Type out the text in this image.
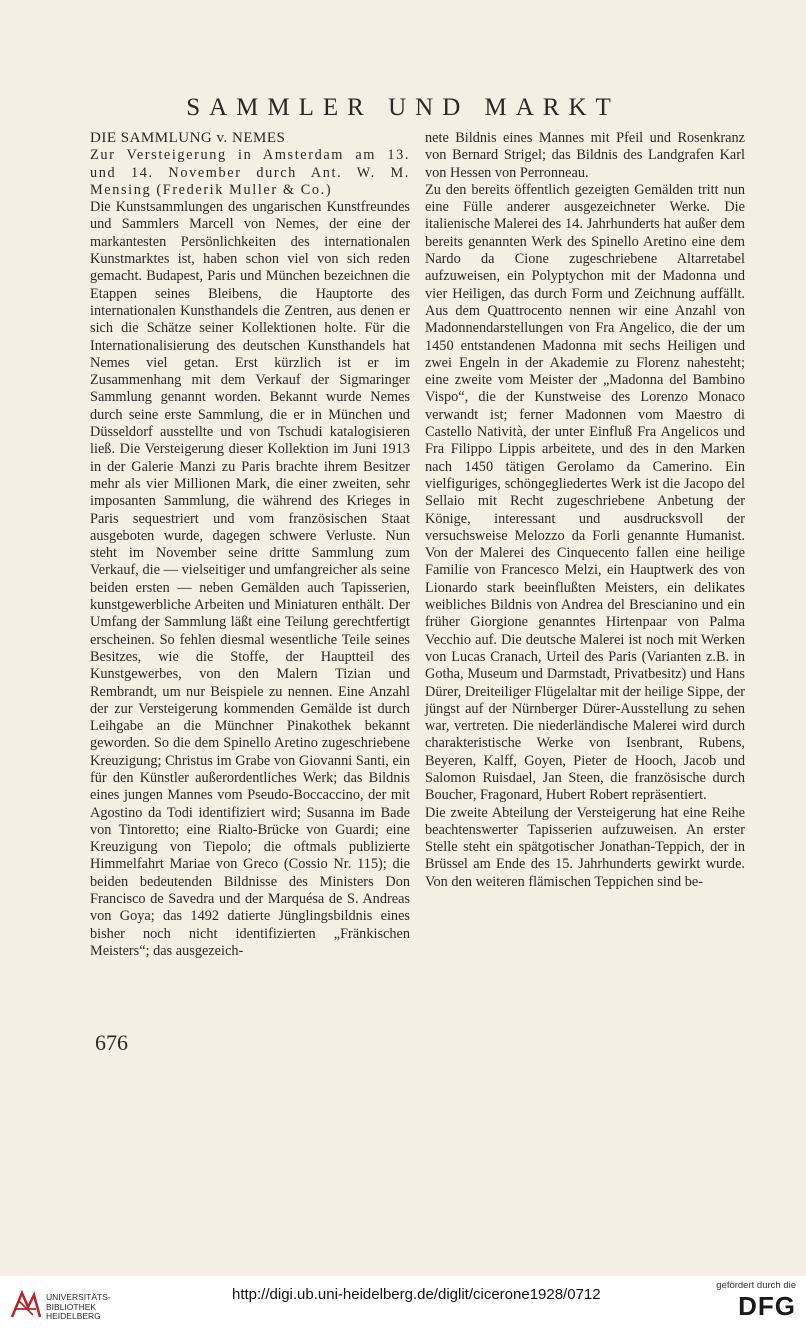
SAMMLER UND MARKT

DIE SAMMLUNG v. NEMES

Zur Versteigerung in Amsterdam am 13. und 14. November durch Ant. W. M. Mensing (Frederik Muller & Co.)

Die Kunstsammlungen des ungarischen Kunstfreundes und Sammlers Marcell von Nemes, der eine der markantesten Persönlichkeiten des internationalen Kunstmarktes ist, haben schon viel von sich reden gemacht. Budapest, Paris und München bezeichnen die Etappen seines Bleibens, die Hauptorte des internationalen Kunsthandels die Zentren, aus denen er sich die Schätze seiner Kollektionen holte. Für die Internationalisierung des deutschen Kunsthandels hat Nemes viel getan. Erst kürzlich ist er im Zusammenhang mit dem Verkauf der Sigmaringer Sammlung genannt worden. Bekannt wurde Nemes durch seine erste Sammlung, die er in München und Düsseldorf ausstellte und von Tschudi katalogisieren ließ. Die Versteigerung dieser Kollektion im Juni 1913 in der Galerie Manzi zu Paris brachte ihrem Besitzer mehr als vier Millionen Mark, die einer zweiten, sehr imposanten Sammlung, die während des Krieges in Paris sequestriert und vom französischen Staat ausgeboten wurde, dagegen schwere Verluste. Nun steht im November seine dritte Sammlung zum Verkauf, die — vielseitiger und umfangreicher als seine beiden ersten — neben Gemälden auch Tapisserien, kunstgewerbliche Arbeiten und Miniaturen enthält. Der Umfang der Sammlung läßt eine Teilung gerechtfertigt erscheinen. So fehlen diesmal wesentliche Teile seines Besitzes, wie die Stoffe, der Hauptteil des Kunstgewerbes, von den Malern Tizian und Rembrandt, um nur Beispiele zu nennen. Eine Anzahl der zur Versteigerung kommenden Gemälde ist durch Leihgabe an die Münchner Pinakothek bekannt geworden. So die dem Spinello Aretino zugeschriebene Kreuzigung; Christus im Grabe von Giovanni Santi, ein für den Künstler außerordentliches Werk; das Bildnis eines jungen Mannes vom Pseudo-Boccaccino, der mit Agostino da Todi identifiziert wird; Susanna im Bade von Tintoretto; eine Rialto-Brücke von Guardi; eine Kreuzigung von Tiepolo; die oftmals publizierte Himmelfahrt Mariae von Greco (Cossio Nr. 115); die beiden bedeutenden Bildnisse des Ministers Don Francisco de Savedra und der Marquésa de S. Andreas von Goya; das 1492 datierte Jünglingsbildnis eines bisher noch nicht identifizierten „Fränkischen Meisters“; das ausgezeich-

nete Bildnis eines Mannes mit Pfeil und Rosenkranz von Bernard Strigel; das Bildnis des Landgrafen Karl von Hessen von Perronneau.

Zu den bereits öffentlich gezeigten Gemälden tritt nun eine Fülle anderer ausgezeichneter Werke. Die italienische Malerei des 14. Jahrhunderts hat außer dem bereits genannten Werk des Spinello Aretino eine dem Nardo da Cione zugeschriebene Altarretabel aufzuweisen, ein Polyptychon mit der Madonna und vier Heiligen, das durch Form und Zeichnung auffällt. Aus dem Quattrocento nennen wir eine Anzahl von Madonnendarstellungen von Fra Angelico, die der um 1450 entstandenen Madonna mit sechs Heiligen und zwei Engeln in der Akademie zu Florenz nahesteht; eine zweite vom Meister der „Madonna del Bambino Vispo“, die der Kunstweise des Lorenzo Monaco verwandt ist; ferner Madonnen vom Maestro di Castello Natività, der unter Einfluß Fra Angelicos und Fra Filippo Lippis arbeitete, und des in den Marken nach 1450 tätigen Gerolamo da Camerino. Ein vielfiguriges, schöngegliedertes Werk ist die Jacopo del Sellaio mit Recht zugeschriebene Anbetung der Könige, interessant und ausdrucksvoll der versuchsweise Melozzo da Forli genannte Humanist. Von der Malerei des Cinquecento fallen eine heilige Familie von Francesco Melzi, ein Hauptwerk des von Lionardo stark beeinflußten Meisters, ein delikates weibliches Bildnis von Andrea del Brescianino und ein früher Giorgione genanntes Hirtenpaar von Palma Vecchio auf. Die deutsche Malerei ist noch mit Werken von Lucas Cranach, Urteil des Paris (Varianten z.B. in Gotha, Museum und Darmstadt, Privatbesitz) und Hans Dürer, Dreiteiliger Flügelaltar mit der heilige Sippe, der jüngst auf der Nürnberger Dürer-Ausstellung zu sehen war, vertreten. Die niederländische Malerei wird durch charakteristische Werke von Isenbrant, Rubens, Beyeren, Kalff, Goyen, Pieter de Hooch, Jacob und Salomon Ruisdael, Jan Steen, die französische durch Boucher, Fragonard, Hubert Robert repräsentiert.

Die zweite Abteilung der Versteigerung hat eine Reihe beachtenswerter Tapisserien aufzuweisen. An erster Stelle steht ein spätgotischer Jonathan-Teppich, der in Brüssel am Ende des 15. Jahrhunderts gewirkt wurde. Von den weiteren flämischen Teppichen sind be-

676
UNIVERSITÄTS-
BIBLIOTHEK
HEIDELBERG
http://digi.ub.uni-heidelberg.de/diglit/cicerone1928/0712
gefördert durch die
DFG
